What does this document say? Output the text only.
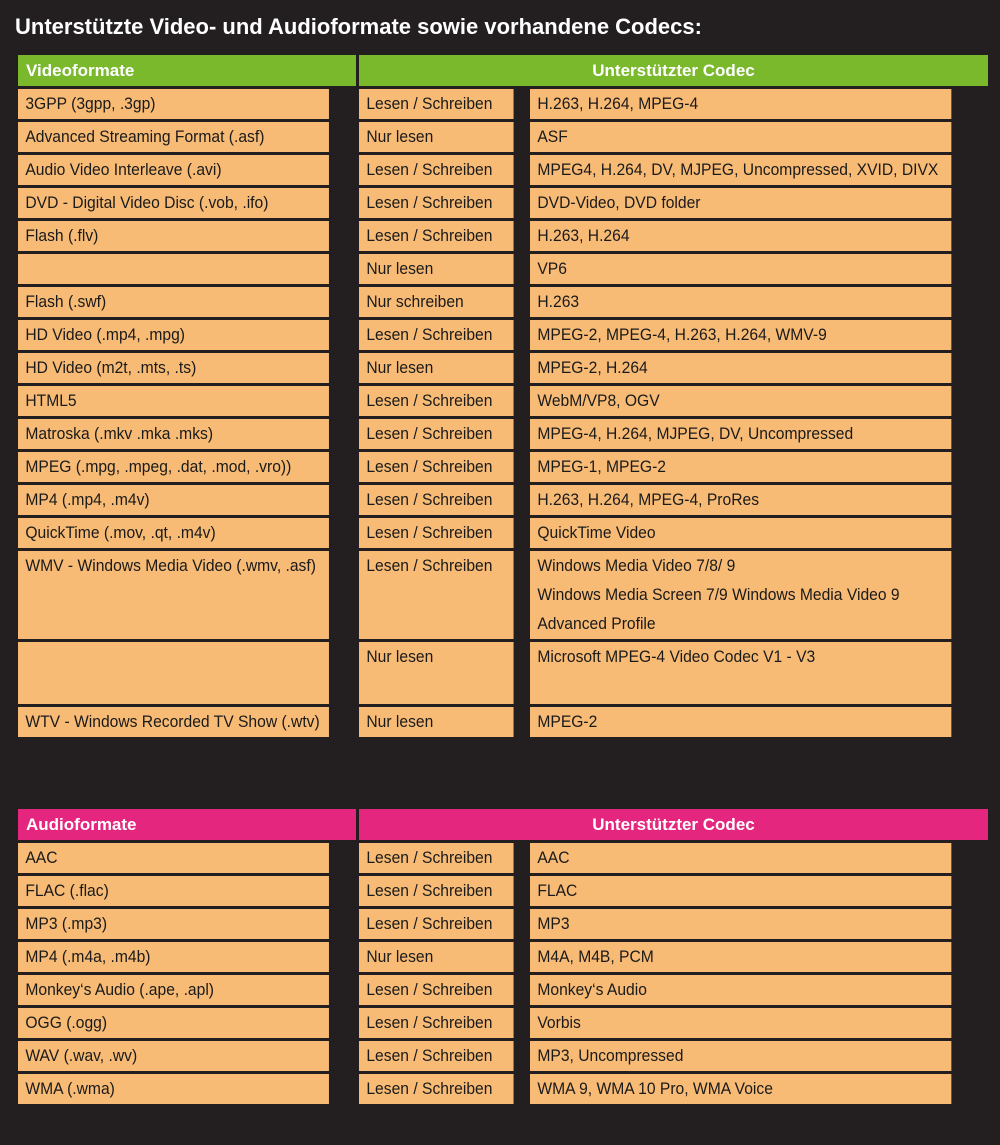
Unterstützte Video- und Audioformate sowie vorhandene Codecs:
Videoformate	Unterstützter Codec	

3GPP (3gpp, .3gp)	Lesen / Schreiben	H.263, H.264, MPEG-4

Advanced Streaming Format (.asf)	Nur lesen	ASF

Audio Video Interleave (.avi)	Lesen / Schreiben	MPEG4, H.264, DV, MJPEG, Uncompressed, XVID, DIVX

DVD - Digital Video Disc (.vob, .ifo)	Lesen / Schreiben	DVD-Video, DVD folder

Flash (.flv)	Lesen / Schreiben	H.263, H.264

	Nur lesen	VP6

Flash (.swf)	Nur schreiben	H.263

HD Video (.mp4, .mpg)	Lesen / Schreiben	MPEG-2, MPEG-4, H.263, H.264, WMV-9

HD Video (m2t, .mts, .ts)	Nur lesen	MPEG-2, H.264

HTML5	Lesen / Schreiben	WebM/VP8, OGV

Matroska (.mkv .mka .mks)	Lesen / Schreiben	MPEG-4, H.264, MJPEG, DV, Uncompressed

MPEG (.mpg, .mpeg, .dat, .mod, .vro))	Lesen / Schreiben	MPEG-1, MPEG-2

MP4 (.mp4, .m4v)	Lesen / Schreiben	H.263, H.264, MPEG-4, ProRes

QuickTime (.mov, .qt, .m4v)	Lesen / Schreiben	QuickTime Video

WMV - Windows Media Video (.wmv, .asf)	Lesen / Schreiben	Windows Media Video 7/8/ 9
Windows Media Screen 7/9 Windows Media Video 9
Advanced Profile

	Nur lesen	Microsoft MPEG-4 Video Codec V1 - V3

WTV - Windows Recorded TV Show (.wtv)	Nur lesen	MPEG-2
Audioformate	Unterstützter Codec	

AAC	Lesen / Schreiben	AAC

FLAC (.flac)	Lesen / Schreiben	FLAC

MP3 (.mp3)	Lesen / Schreiben	MP3

MP4 (.m4a, .m4b)	Nur lesen	M4A, M4B, PCM

Monkey‘s Audio (.ape, .apl)	Lesen / Schreiben	Monkey‘s Audio

OGG (.ogg)	Lesen / Schreiben	Vorbis

WAV (.wav, .wv)	Lesen / Schreiben	MP3, Uncompressed

WMA (.wma)	Lesen / Schreiben	WMA 9, WMA 10 Pro, WMA Voice
